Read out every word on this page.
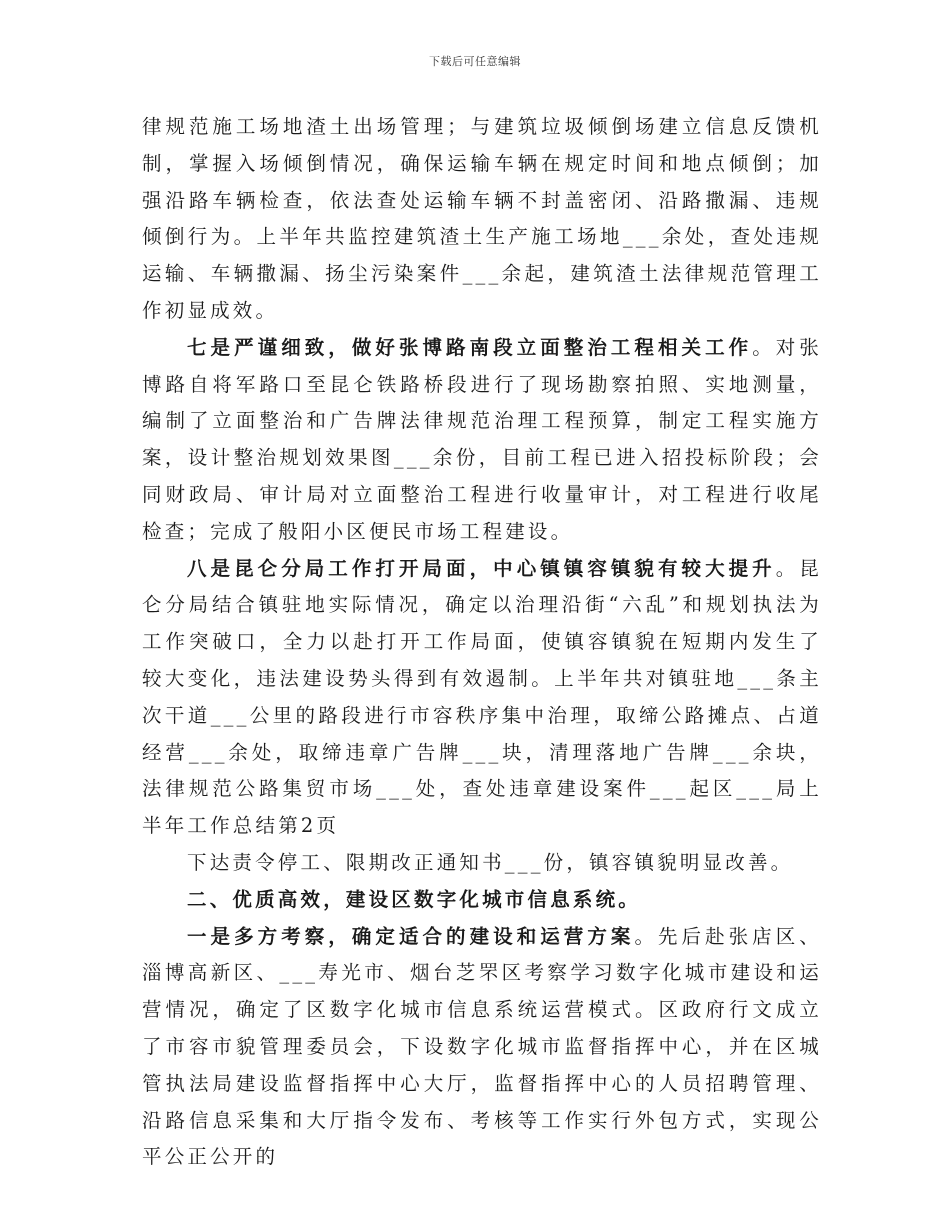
下载后可任意编辑

律规范施工场地渣土出场管理；与建筑垃圾倾倒场建立信息反馈机制，掌握入场倾倒情况，确保运输车辆在规定时间和地点倾倒；加强沿路车辆检查，依法查处运输车辆不封盖密闭、沿路撒漏、违规倾倒行为。上半年共监控建筑渣土生产施工场地___余处，查处违规运输、车辆撒漏、扬尘污染案件___余起，建筑渣土法律规范管理工作初显成效。

七是严谨细致，做好张博路南段立面整治工程相关工作。对张博路自将军路口至昆仑铁路桥段进行了现场勘察拍照、实地测量，编制了立面整治和广告牌法律规范治理工程预算，制定工程实施方案，设计整治规划效果图___余份，目前工程已进入招投标阶段；会同财政局、审计局对立面整治工程进行收量审计，对工程进行收尾检查；完成了般阳小区便民市场工程建设。

八是昆仑分局工作打开局面，中心镇镇容镇貌有较大提升。昆仑分局结合镇驻地实际情况，确定以治理沿街“六乱”和规划执法为工作突破口，全力以赴打开工作局面，使镇容镇貌在短期内发生了较大变化，违法建设势头得到有效遏制。上半年共对镇驻地___条主次干道___公里的路段进行市容秩序集中治理，取缔公路摊点、占道经营___余处，取缔违章广告牌___块，清理落地广告牌___余块，法律规范公路集贸市场___处，查处违章建设案件___起区___局上半年工作总结第2页

下达责令停工、限期改正通知书___份，镇容镇貌明显改善。

二、优质高效，建设区数字化城市信息系统。

一是多方考察，确定适合的建设和运营方案。先后赴张店区、淄博高新区、___寿光市、烟台芝罘区考察学习数字化城市建设和运营情况，确定了区数字化城市信息系统运营模式。区政府行文成立了市容市貌管理委员会，下设数字化城市监督指挥中心，并在区城管执法局建设监督指挥中心大厅，监督指挥中心的人员招聘管理、沿路信息采集和大厅指令发布、考核等工作实行外包方式，实现公平公正公开的
